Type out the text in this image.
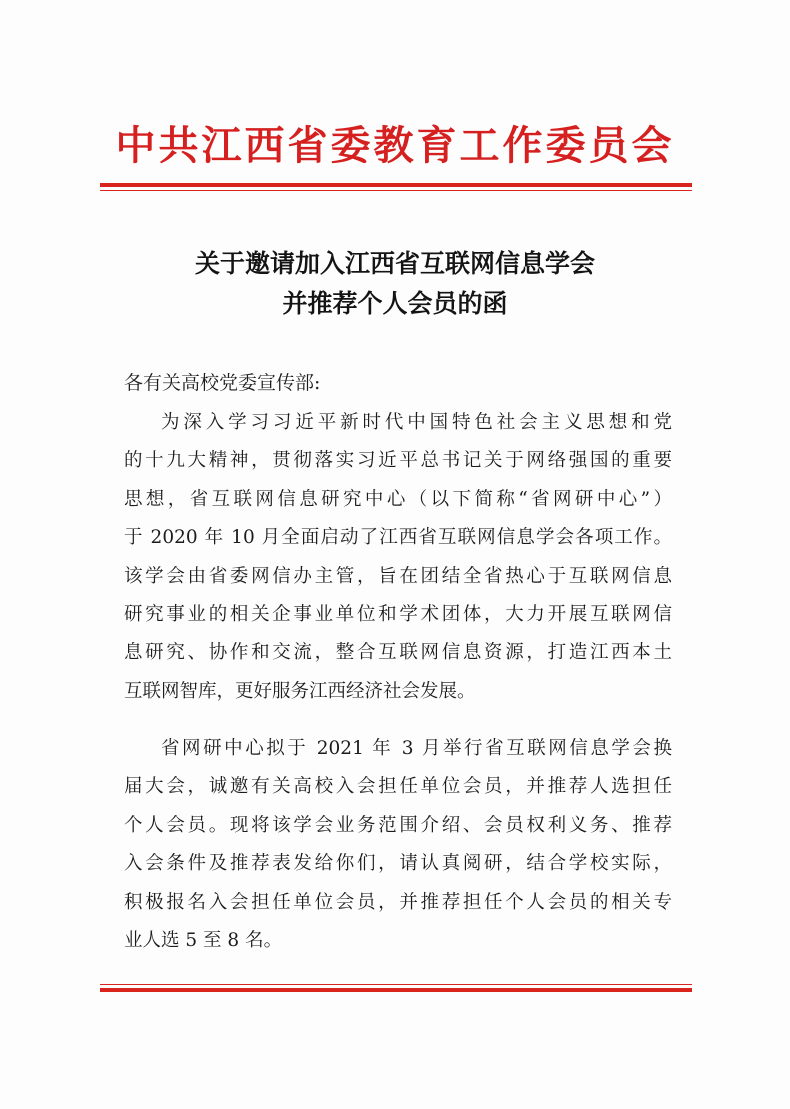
中共江西省委教育工作委员会
关于邀请加入江西省互联网信息学会
并推荐个人会员的函
各有关高校党委宣传部:
为深入学习习近平新时代中国特色社会主义思想和党
的十九大精神，贯彻落实习近平总书记关于网络强国的重要
思想，省互联网信息研究中心（以下简称“省网研中心”）
于 2020 年 10 月全面启动了江西省互联网信息学会各项工作。
该学会由省委网信办主管，旨在团结全省热心于互联网信息
研究事业的相关企事业单位和学术团体，大力开展互联网信
息研究、协作和交流，整合互联网信息资源，打造江西本土
互联网智库，更好服务江西经济社会发展。
省网研中心拟于 2021 年 3 月举行省互联网信息学会换
届大会，诚邀有关高校入会担任单位会员，并推荐人选担任
个人会员。现将该学会业务范围介绍、会员权利义务、推荐
入会条件及推荐表发给你们，请认真阅研，结合学校实际，
积极报名入会担任单位会员，并推荐担任个人会员的相关专
业人选 5 至 8 名。
